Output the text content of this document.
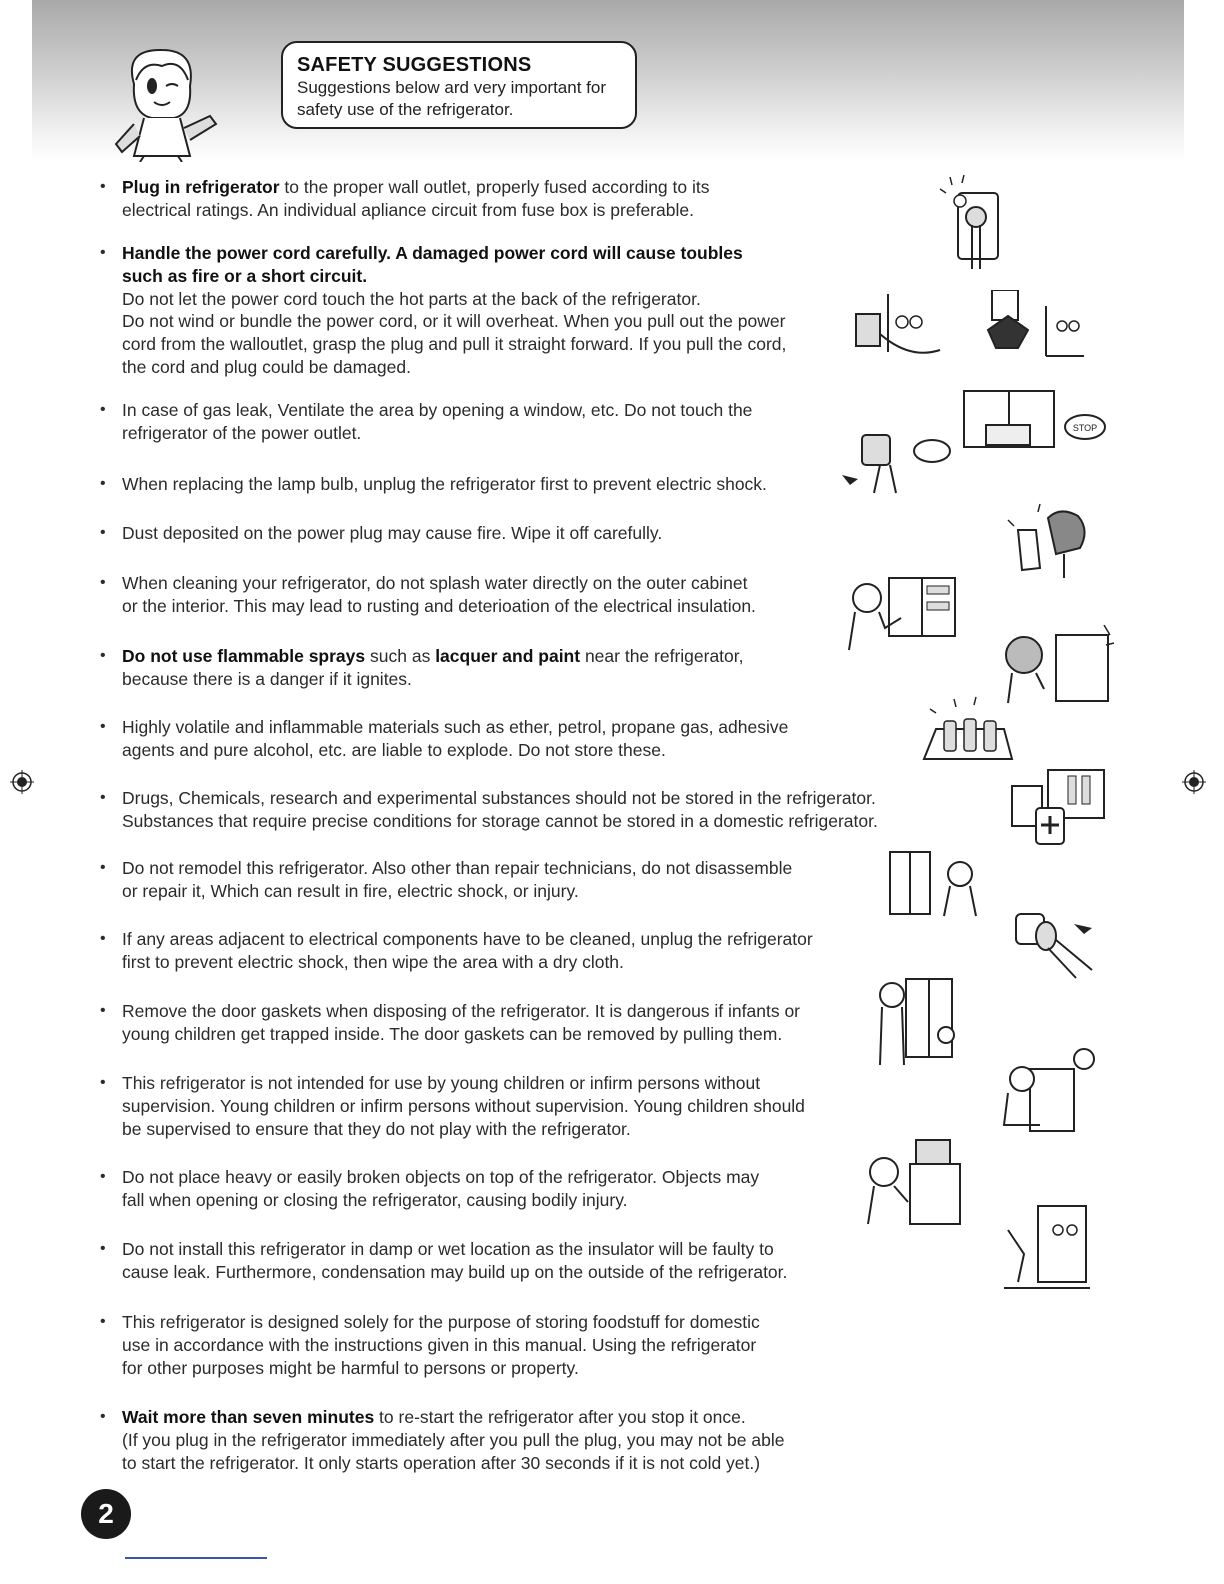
SAFETY SUGGESTIONS
Suggestions below ard very important for
safety use of the refrigerator.
• Plug in refrigerator to the proper wall outlet, properly fused according to its
electrical ratings. An individual apliance circuit from fuse box is preferable.
• Handle the power cord carefully. A damaged power cord will cause toubles
such as fire or a short circuit.
Do not let the power cord touch the hot parts at the back of the refrigerator.
Do not wind or bundle the power cord, or it will overheat. When you pull out the power
cord from the walloutlet, grasp the plug and pull it straight forward. If you pull the cord,
the cord and plug could be damaged.
• In case of gas leak, Ventilate the area by opening a window, etc. Do not touch the
refrigerator of the power outlet.
• When replacing the lamp bulb, unplug the refrigerator first to prevent electric shock.
• Dust deposited on the power plug may cause fire. Wipe it off carefully.
• When cleaning your refrigerator, do not splash water directly on the outer cabinet
or the interior. This may lead to rusting and deterioation of the electrical insulation.
• Do not use flammable sprays such as lacquer and paint near the refrigerator,
because there is a danger if it ignites.
• Highly volatile and inflammable materials such as ether, petrol, propane gas, adhesive
agents and pure alcohol, etc. are liable to explode. Do not store these.
• Drugs, Chemicals, research and experimental substances should not be stored in the refrigerator.
Substances that require precise conditions for storage cannot be stored in a domestic refrigerator.
• Do not remodel this refrigerator. Also other than repair technicians, do not disassemble
or repair it, Which can result in fire, electric shock, or injury.
• If any areas adjacent to electrical components have to be cleaned, unplug the refrigerator
first to prevent electric shock, then wipe the area with a dry cloth.
• Remove the door gaskets when disposing of the refrigerator. It is dangerous if infants or
young children get trapped inside. The door gaskets can be removed by pulling them.
• This refrigerator is not intended for use by young children or infirm persons without
supervision. Young children or infirm persons without supervision. Young children should
be supervised to ensure that they do not play with the refrigerator.
• Do not place heavy or easily broken objects on top of the refrigerator. Objects may
fall when opening or closing the refrigerator, causing bodily injury.
• Do not install this refrigerator in damp or wet location as the insulator will be faulty to
cause leak. Furthermore, condensation may build up on the outside of the refrigerator.
• This refrigerator is designed solely for the purpose of storing foodstuff for domestic
use in accordance with the instructions given in this manual. Using the refrigerator
for other purposes might be harmful to persons or property.
• Wait more than seven minutes to re-start the refrigerator after you stop it once.
(If you plug in the refrigerator immediately after you pull the plug, you may not be able
to start the refrigerator. It only starts operation after 30 seconds if it is not cold yet.)
STOP
2
